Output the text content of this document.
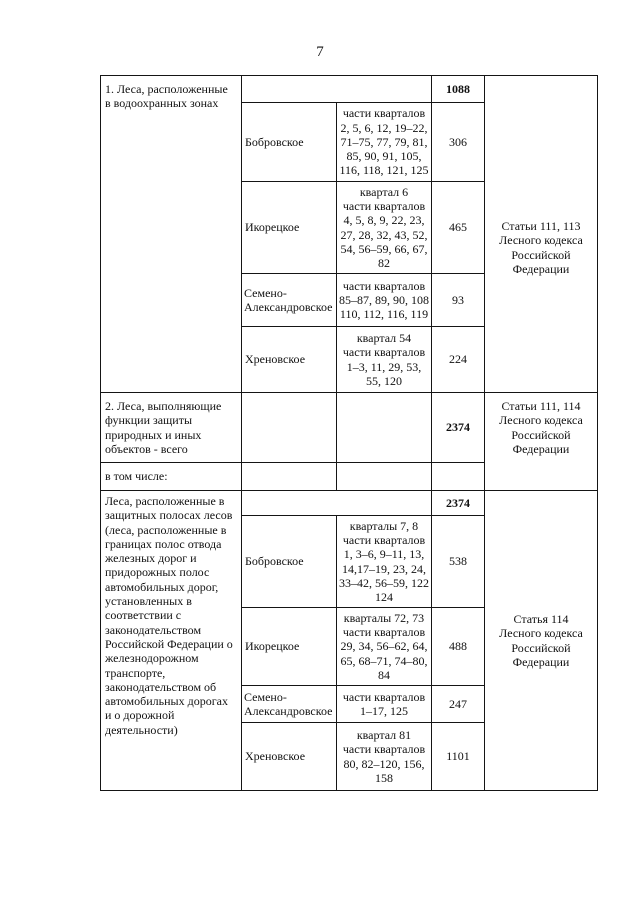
7
1. Леса, расположенные
в водоохранных зонах
1088
Статьи 111, 113
Лесного кодекса
Российской
Федерации
Бобровское
части кварталов
2, 5, 6, 12, 19–22,
71–75, 77, 79, 81,
85, 90, 91, 105,
116, 118, 121, 125
306
Икорецкое
квартал 6
части кварталов
4, 5, 8, 9, 22, 23,
27, 28, 32, 43, 52,
54, 56–59, 66, 67,
82
465
Семено-
Александровское
части кварталов
85–87, 89, 90, 108
110, 112, 116, 119
93
Хреновское
квартал 54
части кварталов
1–3, 11, 29, 53,
55, 120
224
2. Леса, выполняющие
функции защиты
природных и иных
объектов - всего
2374
Статьи 111, 114
Лесного кодекса
Российской
Федерации
в том числе:
Леса, расположенные в
защитных полосах лесов
(леса, расположенные в
границах полос отвода
железных дорог и
придорожных полос
автомобильных дорог,
установленных в
соответствии с
законодательством
Российской Федерации о
железнодорожном
транспорте,
законодательством об
автомобильных дорогах
и о дорожной
деятельности)
2374
Статья 114
Лесного кодекса
Российской
Федерации
Бобровское
кварталы 7, 8
части кварталов
1, 3–6, 9–11, 13,
14,17–19, 23, 24,
33–42, 56–59, 122
124
538
Икорецкое
кварталы 72, 73
части кварталов
29, 34, 56–62, 64,
65, 68–71, 74–80,
84
488
Семено-
Александровское
части кварталов
1–17, 125
247
Хреновское
квартал 81
части кварталов
80, 82–120, 156,
158
1101
